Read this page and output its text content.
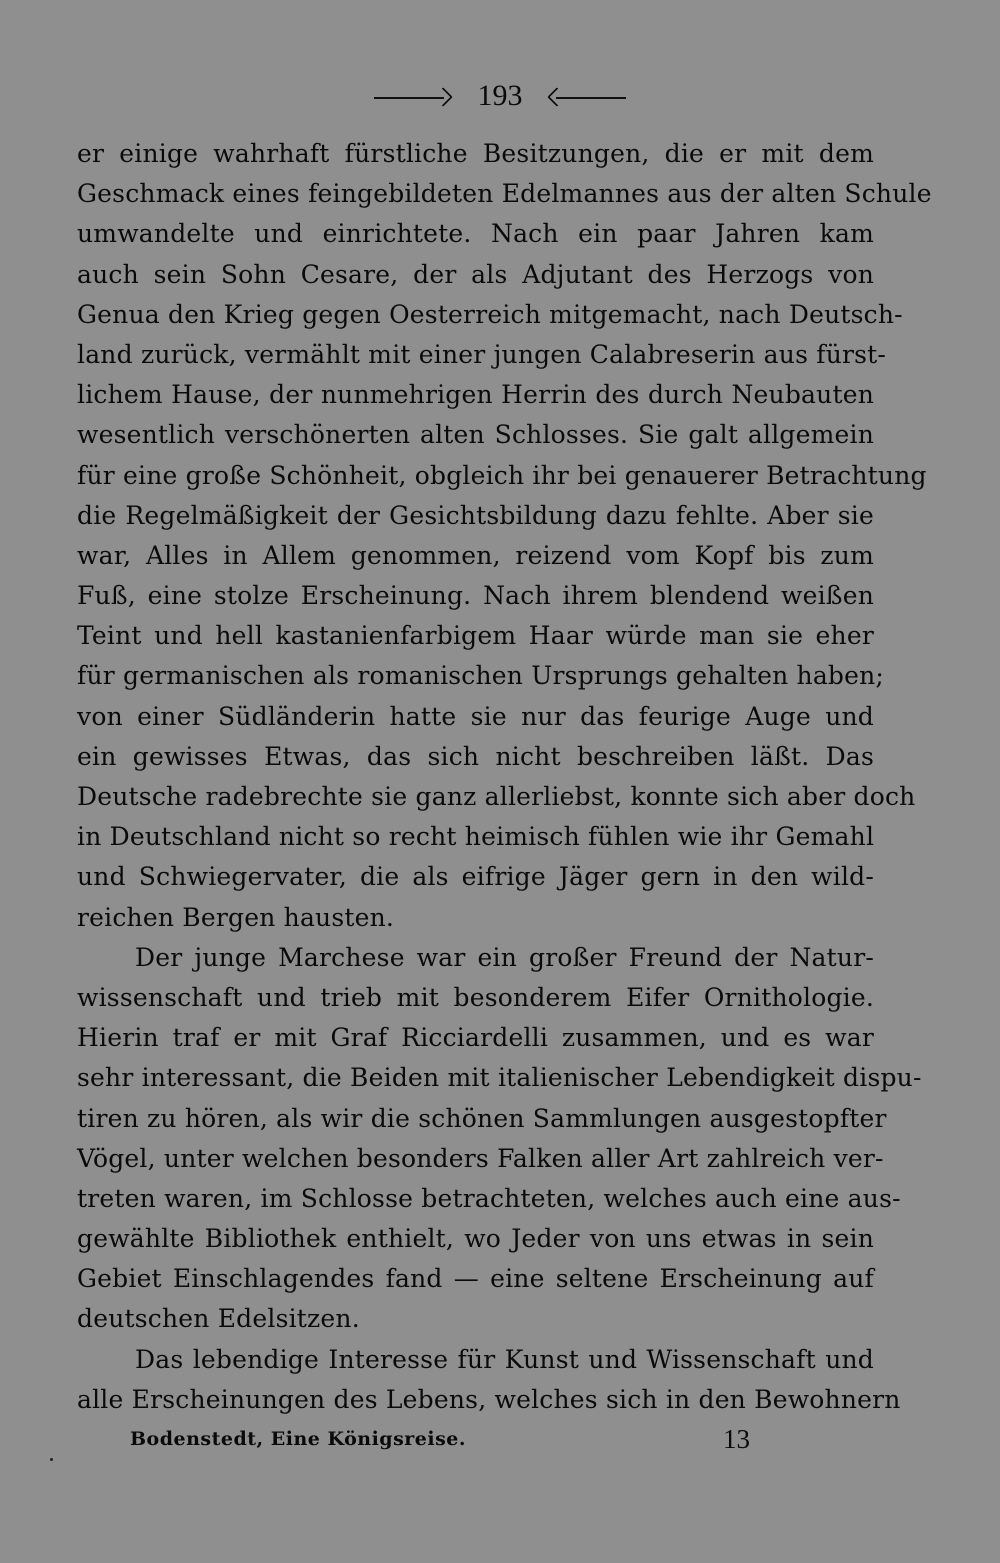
193
er einige wahrhaft fürstliche Besitzungen, die er mit dem
Geschmack eines feingebildeten Edelmannes aus der alten Schule
umwandelte und einrichtete. Nach ein paar Jahren kam
auch sein Sohn Cesare, der als Adjutant des Herzogs von
Genua den Krieg gegen Oesterreich mitgemacht, nach Deutsch-
land zurück, vermählt mit einer jungen Calabreserin aus fürst-
lichem Hause, der nunmehrigen Herrin des durch Neubauten
wesentlich verschönerten alten Schlosses. Sie galt allgemein
für eine große Schönheit, obgleich ihr bei genauerer Betrachtung
die Regelmäßigkeit der Gesichtsbildung dazu fehlte. Aber sie
war, Alles in Allem genommen, reizend vom Kopf bis zum
Fuß, eine stolze Erscheinung. Nach ihrem blendend weißen
Teint und hell kastanienfarbigem Haar würde man sie eher
für germanischen als romanischen Ursprungs gehalten haben;
von einer Südländerin hatte sie nur das feurige Auge und
ein gewisses Etwas, das sich nicht beschreiben läßt. Das
Deutsche radebrechte sie ganz allerliebst, konnte sich aber doch
in Deutschland nicht so recht heimisch fühlen wie ihr Gemahl
und Schwiegervater, die als eifrige Jäger gern in den wild-
reichen Bergen hausten.
Der junge Marchese war ein großer Freund der Natur-
wissenschaft und trieb mit besonderem Eifer Ornithologie.
Hierin traf er mit Graf Ricciardelli zusammen, und es war
sehr interessant, die Beiden mit italienischer Lebendigkeit dispu-
tiren zu hören, als wir die schönen Sammlungen ausgestopfter
Vögel, unter welchen besonders Falken aller Art zahlreich ver-
treten waren, im Schlosse betrachteten, welches auch eine aus-
gewählte Bibliothek enthielt, wo Jeder von uns etwas in sein
Gebiet Einschlagendes fand — eine seltene Erscheinung auf
deutschen Edelsitzen.
Das lebendige Interesse für Kunst und Wissenschaft und
alle Erscheinungen des Lebens, welches sich in den Bewohnern
Bodenstedt, Eine Königsreise.	13
